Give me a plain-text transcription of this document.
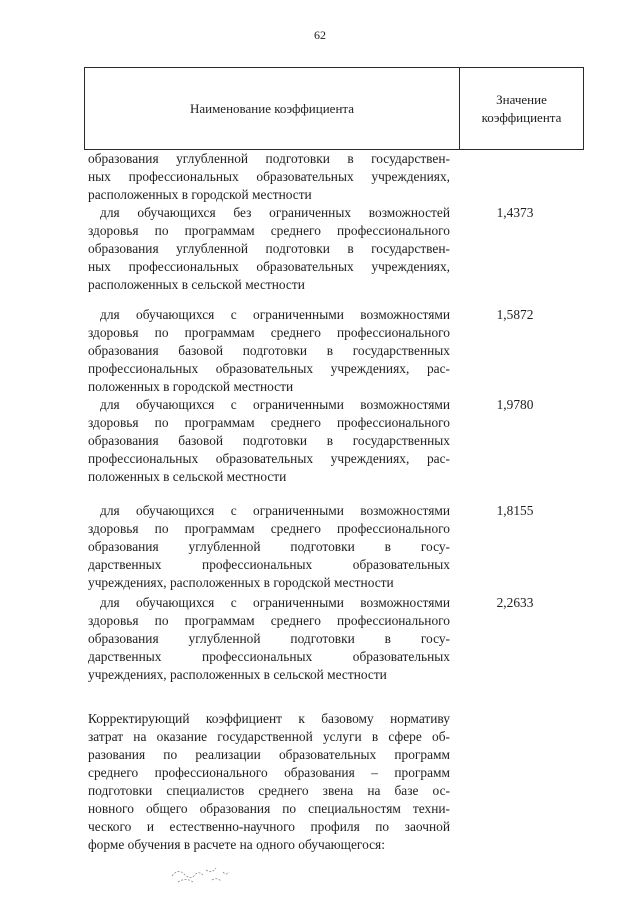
62
Наименование коэффициента
Значение
коэффициента
образования углубленной подготовки в государствен-
ных профессиональных образовательных учреждениях,
расположенных в городской местности
для обучающихся без ограниченных возможностей
здоровья по программам среднего профессионального
образования углубленной подготовки в государствен-
ных профессиональных образовательных учреждениях,
расположенных в сельской местности
1,4373
для обучающихся с ограниченными возможностями
здоровья по программам среднего профессионального
образования базовой подготовки в государственных
профессиональных образовательных учреждениях, рас-
положенных в городской местности
1,5872
для обучающихся с ограниченными возможностями
здоровья по программам среднего профессионального
образования базовой подготовки в государственных
профессиональных образовательных учреждениях, рас-
положенных в сельской местности
1,9780
для обучающихся с ограниченными возможностями
здоровья по программам среднего профессионального
образования углубленной подготовки в госу-
дарственных профессиональных образовательных
учреждениях, расположенных в городской местности
1,8155
для обучающихся с ограниченными возможностями
здоровья по программам среднего профессионального
образования углубленной подготовки в госу-
дарственных профессиональных образовательных
учреждениях, расположенных в сельской местности
2,2633
Корректирующий коэффициент к базовому нормативу
затрат на оказание государственной услуги в сфере об-
разования по реализации образовательных программ
среднего профессионального образования – программ
подготовки специалистов среднего звена на базе ос-
новного общего образования по специальностям техни-
ческого и естественно-научного профиля по заочной
форме обучения в расчете на одного обучающегося:
